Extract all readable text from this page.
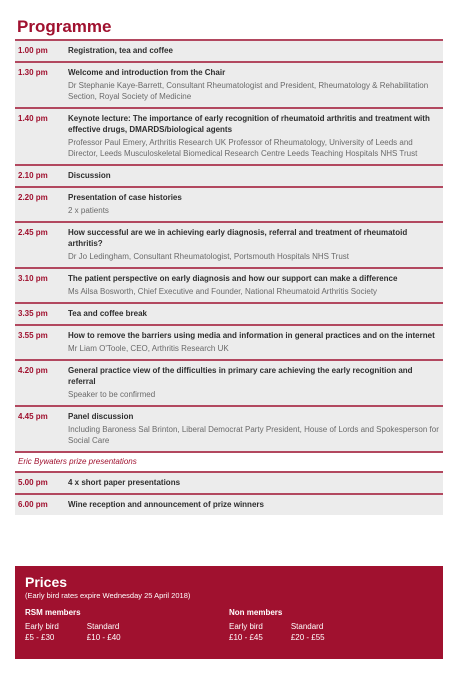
Programme
1.00 pm	Registration, tea and coffee
1.30 pm	Welcome and introduction from the Chair
Dr Stephanie Kaye-Barrett, Consultant Rheumatologist and President, Rheumatology & Rehabilitation Section, Royal Society of Medicine
1.40 pm	Keynote lecture: The importance of early recognition of rheumatoid arthritis and treatment with effective drugs, DMARDS/biological agents
Professor Paul Emery, Arthritis Research UK Professor of Rheumatology, University of Leeds and Director, Leeds Musculoskeletal Biomedical Research Centre Leeds Teaching Hospitals NHS Trust
2.10 pm	Discussion
2.20 pm	Presentation of case histories
2 x patients
2.45 pm	How successful are we in achieving early diagnosis, referral and treatment of rheumatoid arthritis?
Dr Jo Ledingham, Consultant Rheumatologist, Portsmouth Hospitals NHS Trust
3.10 pm	The patient perspective on early diagnosis and how our support can make a difference
Ms Ailsa Bosworth, Chief Executive and Founder, National Rheumatoid Arthritis Society
3.35 pm	Tea and coffee break
3.55 pm	How to remove the barriers using media and information in general practices and on the internet
Mr Liam O'Toole, CEO, Arthritis Research UK
4.20 pm	General practice view of the difficulties in primary care achieving the early recognition and referral
Speaker to be confirmed
4.45 pm	Panel discussion
Including Baroness Sal Brinton, Liberal Democrat Party President, House of Lords and Spokesperson for Social Care
Eric Bywaters prize presentations
5.00 pm	4 x short paper presentations
6.00 pm	Wine reception and announcement of prize winners
Prices
(Early bird rates expire Wednesday 25 April 2018)
RSM members
Early bird
£5 - £30
Standard
£10 - £40
Non members
Early bird
£10 - £45
Standard
£20 - £55
